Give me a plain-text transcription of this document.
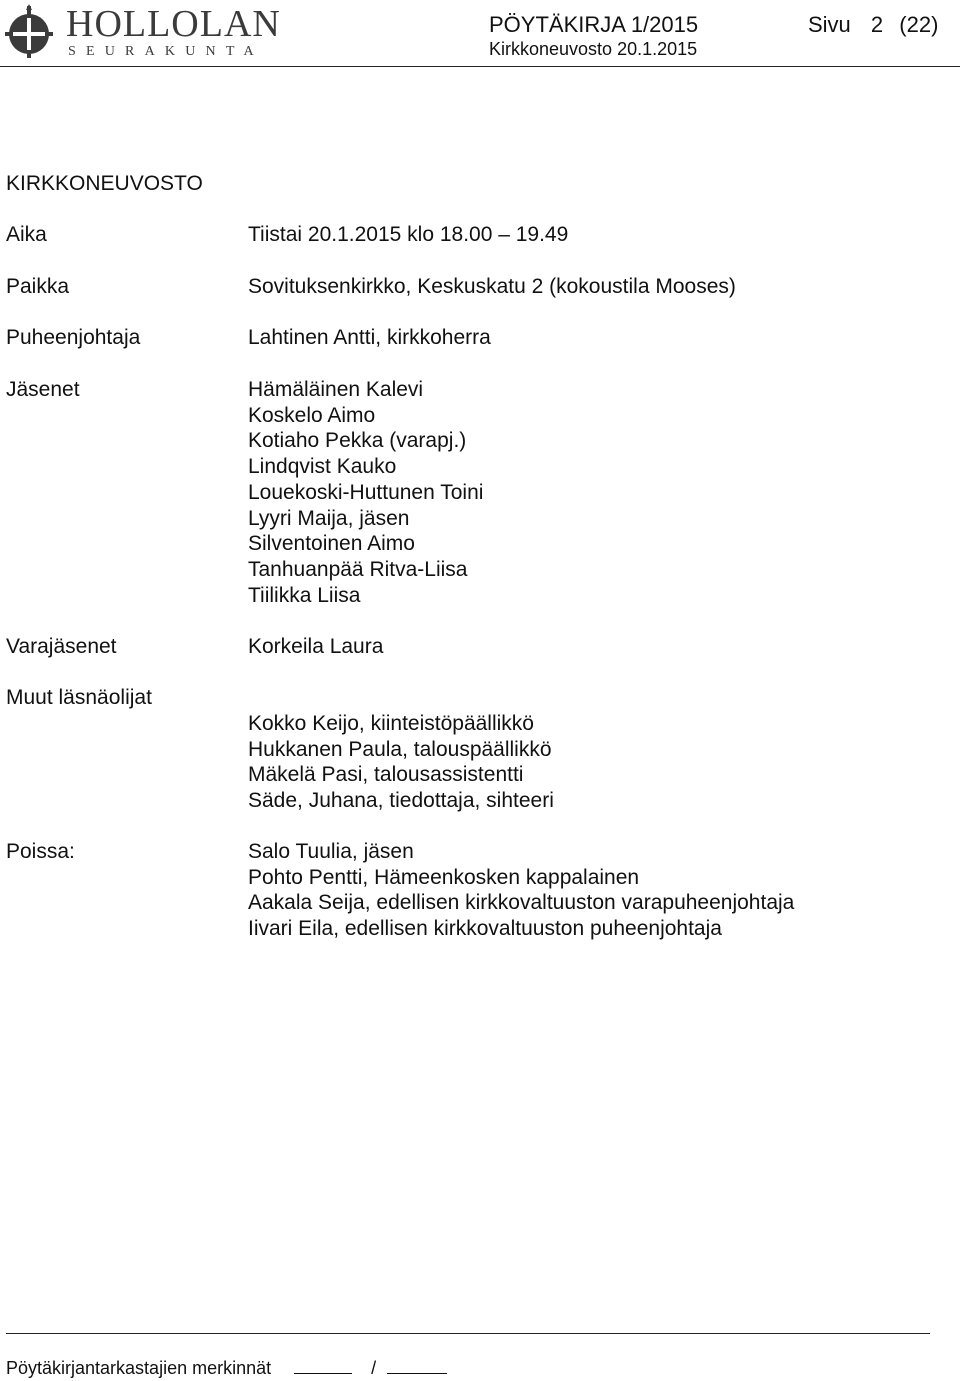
HOLLOLAN
SEURAKUNTA
PÖYTÄKIRJA 1/2015
Kirkkoneuvosto 20.1.2015
Sivu 2 (22)
KIRKKONEUVOSTO
Aika	Tiistai 20.1.2015 klo 18.00 – 19.49
Paikka	Sovituksenkirkko, Keskuskatu 2 (kokoustila Mooses)
Puheenjohtaja	Lahtinen Antti, kirkkoherra
Jäsenet	Hämäläinen Kalevi
Koskelo Aimo
Kotiaho Pekka (varapj.)
Lindqvist Kauko
Louekoski-Huttunen Toini
Lyyri Maija, jäsen
Silventoinen Aimo
Tanhuanpää Ritva-Liisa
Tiilikka Liisa
Varajäsenet	Korkeila Laura
Muut läsnäolijat
Kokko Keijo, kiinteistöpäällikkö
Hukkanen Paula, talouspäällikkö
Mäkelä Pasi, talousassistentti
Säde, Juhana, tiedottaja, sihteeri
Poissa:	Salo Tuulia, jäsen
Pohto Pentti, Hämeenkosken kappalainen
Aakala Seija, edellisen kirkkovaltuuston varapuheenjohtaja
Iivari Eila, edellisen kirkkovaltuuston puheenjohtaja
Pöytäkirjantarkastajien merkinnät	/
